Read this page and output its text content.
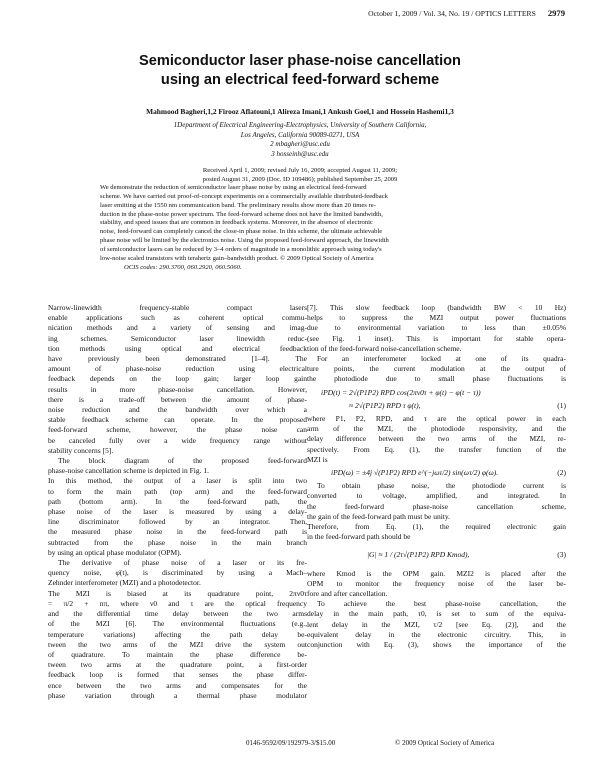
October 1, 2009 / Vol. 34, No. 19 / OPTICS LETTERS 2979
Semiconductor laser phase-noise cancellation
using an electrical feed-forward scheme
Mahmood Bagheri,1,2 Firooz Aflatouni,1 Alireza Imani,1 Ankush Goel,1 and Hossein Hashemi1,3
1Department of Electrical Engineering-Electrophysics, University of Southern California,
Los Angeles, California 90089-0271, USA
2 mbagheri@usc.edu
3 hosseinh@usc.edu
Received April 1, 2009; revised July 16, 2009; accepted August 11, 2009;
posted August 31, 2009 (Doc. ID 109486); published September 25, 2009
We demonstrate the reduction of semiconductor laser phase noise by using an electrical feed-forward
scheme. We have carried out proof-of-concept experiments on a commercially available distributed-feedback
laser emitting at the 1550 nm communication band. The preliminary results show more than 20 times re-
duction in the phase-noise power spectrum. The feed-forward scheme does not have the limited bandwidth,
stability, and speed issues that are common in feedback systems. Moreover, in the absence of electronic
noise, feed-forward can completely cancel the close-in phase noise. In this scheme, the ultimate achievable
phase noise will be limited by the electronics noise. Using the proposed feed-forward approach, the linewidth
of semiconductor lasers can be reduced by 3–4 orders of magnitude in a monolithic approach using today's
low-noise scaled transistors with terahertz gain–bandwidth product. © 2009 Optical Society of America
OCIS codes: 290.3700, 060.2920, 060.5060.
Narrow-linewidth frequency-stable compact lasers
enable applications such as coherent optical commu-
nication methods and a variety of sensing and imag-
ing schemes. Semiconductor laser linewidth reduc-
tion methods using optical and electrical feedback
have previously been demonstrated [1–4]. The
amount of phase-noise reduction using electrical
feedback depends on the loop gain; larger loop gain
results in more phase-noise cancellation. However,
there is a trade-off between the amount of phase-
noise reduction and the bandwidth over which a
stable feedback scheme can operate. In the proposed
feed-forward scheme, however, the phase noise can
be canceled fully over a wide frequency range without
stability concerns [5].
The block diagram of the proposed feed-forward
phase-noise cancellation scheme is depicted in Fig. 1.
In this method, the output of a laser is split into two
to form the main path (top arm) and the feed-forward
path (bottom arm). In the feed-forward path, the
phase noise of the laser is measured by using a delay-
line discriminator followed by an integrator. Then,
the measured phase noise in the feed-forward path is
subtracted from the phase noise in the main branch
by using an optical phase modulator (OPM).
The derivative of phase noise of a laser or its fre-
quency noise, φ̇(t), is discriminated by using a Mach–
Zehnder interferometer (MZI) and a photodetector.
The MZI is biased at its quadrature point, 2πν0τ
= π/2 + nπ, where ν0 and τ are the optical frequency
and the differential time delay between the two arms
of the MZI [6]. The environmental fluctuations (e.g.,
temperature variations) affecting the path delay be-
tween the two arms of the MZI drive the system out
of quadrature. To maintain the phase difference be-
tween two arms at the quadrature point, a first-order
feedback loop is formed that senses the phase differ-
ence between the two arms and compensates for the
phase variation through a thermal phase modulator
[7]. This slow feedback loop (bandwidth BW < 10 Hz)
helps to suppress the MZI output power fluctuations
due to environmental variation to less than ±0.05%
(see Fig. 1 inset). This is important for stable opera-
tion of the feed-forward noise-cancellation scheme.
For an interferometer locked at one of its quadra-
ture points, the current modulation at the output of
the photodiode due to small phase fluctuations is
iPD(t) = 2√(P1P2) RPD cos(2πν0τ + φ(t) − φ(t − τ))
≈ 2√(P1P2) RPD τ φ̇(t),	(1)
where P1, P2, RPD, and τ are the optical power in each
arm of the MZI, the photodiode responsivity, and the
delay difference between the two arms of the MZI, re-
spectively. From Eq. (1), the transfer function of the
MZI is
iPD(ω) = ±4j √(P1P2) RPD e^(−jωτ/2) sin(ωτ/2) φ(ω).	(2)
To obtain phase noise, the photodiode current is
converted to voltage, amplified, and integrated. In
the feed-forward phase-noise cancellation scheme,
the gain of the feed-forward path must be unity.
Therefore, from Eq. (1), the required electronic gain
in the feed-forward path should be
|G| ≈ 1 / (2τ√(P1P2) RPD Kmod),	(3)
where Kmod is the OPM gain. MZI2 is placed after the
OPM to monitor the frequency noise of the laser be-
fore and after cancellation.
To achieve the best phase-noise cancellation, the
delay in the main path, τ0, is set to sum of the equiva-
lent delay in the MZI, τ/2 [see Eq. (2)], and the
equivalent delay in the electronic circuitry. This, in
conjunction with Eq. (3), shows the importance of the
0146-9592/09/192979-3/$15.00	© 2009 Optical Society of America
